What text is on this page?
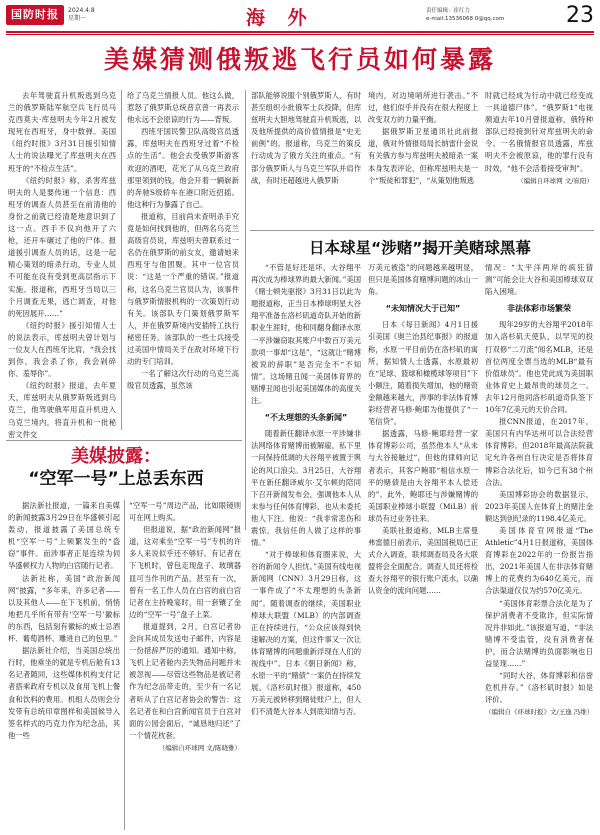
国防时报	2024.4.8
星期一	海 外	责任编辑：崔红力
e-mail:13536068 0@qq.com	23
美媒猜测俄叛逃飞行员如何暴露

去年驾驶直升机叛逃到乌克兰的俄罗斯陆军航空兵飞行员马克西莫夫·库兹明夫今年2月被发现死在西班牙，身中数弹。美国《纽约时报》3月31日援引知情人士的说法曝光了库兹明夫在西班牙的“不检点生活”。

《纽约时报》称，杀害库兹明夫的人是要传递一个信息：西班牙的调查人员甚至在前清他的身份之前就已经清楚地意识到了这一点。西手不仅向他开了六枪，还开车碾过了他的尸体。报道援引调查人员的话，这是一起精心策划的暗杀行动，专业人员不可能在没有受到更高层指示下实施。报道称，西班牙当局以三个月调查无果，逃亡调查，对他的死因展开……”

《纽约时报》援引知情人士的说法表示，库兹明夫曾计划与一位友人在西班牙比肩，“我会找到你，我会杀了你，我会剁碎你、羞辱你”。

《纽约时报》报道，去年夏天，库兹明夫从俄罗斯叛逃到乌克兰，他驾驶俄军用直升机进入乌克兰境内，将直升机和一批秘密文件交

给了乌克兰情报人员。他这么做，惹怒了俄罗斯总统普京曾一再表示他永远不会原谅的行为——背叛。

西班牙国民警卫队高级官员透露，库兹明夫在西班牙过着“不检点的生活”。他会去受俄罗斯游客欢迎的酒吧，花光了从乌克兰政府那里领到的钱，他会开着一辆崭新的奔驰S级轿车在港口附近招摇。他这种行为暴露了自己。

报道称，目前尚未查明杀手究竟是如何找到他的，但两名乌克兰高级官员说，库兹明夫曾联系过一名仍在俄罗斯的前女友，邀请她来西班牙与他团聚。其中一位官员说：“这是一个严重的错误。”报道称，这名乌克兰官员认为，该事件与俄罗斯情报机构的一次策划行动有关。该部队专门策划俄罗斯军人，并在俄罗斯境内安插特工执行秘密任务。该部队的一些士兵接受过美国中情局关于在敌对环境下行动的专门培训。

一名了解这次行动的乌克兰高级官员透露，虽然该

部队能够说服个别俄罗斯人，有时甚至组织小批俄军士兵投降，但库兹明夫大胆地驾驶直升机叛逃，以及他所提供的高价值情报是“史无前例”的。报道称，乌克兰的策反行动成为了俄方关注的重点。“有部分俄罗斯人与乌克兰军队并肩作战，有时还超越进入俄罗斯

境内，对边境哨所进行袭击。”不过，他们似乎并没有在很大程度上改变双方的力量平衡。

据俄罗斯卫星通讯社此前报道，俄对外情报局局长纳雷什金说有关俄方参与库兹明夫被暗杀一案本身发表评论，但称库兹明夫是一个“叛徒和罪犯”，“从策划他叛逃

时就已经成为行动中就已经变成一具道德尸体”。“俄罗斯1”电视频道去年10月曾报道称，俄特种部队已经接到针对库兹明夫的命令。一名俄情报官员透露，库兹明夫不会被原谅，他的罪行没有时效，“他不会活着接受审判”。

（编辑自环球网 文/崔阳）

日本球星“涉赌”揭开美赌球黑幕

“不管是好还是坏，大谷翔平再次成为棒球界的最大新闻。”美国《赌士顿先驱报》3月31日以此为题报道称，正当日本棒球明星大谷翔平准备在洛杉矶道奇队开始的新职业生涯时，他和同翻身翻译水原一平涉嫌窃取其账户中数百万美元款项一事却“这是”，“这就让“赌博被说的辞职”是否完全不“不知情”。这场赌丑闻一美国体育界的赌博丑闻也引起美国媒体的高度关注。

“不太理想的头条新闻”

随着新任翻译水原一平涉嫌非法网络体育赌博而被解雇，私下里一问保持低调的大谷翔平被置于舆论的风口浪尖。3月25日，大谷翔平在新任翻译威尔·艾尔顿的陪同下召开新闻发布会，强调他本人从未参与任何体育博彩，也从未委托他人下注。他说：“我非常悲伤和震惊，我信任的人做了这样的事情。”

“对于棒球和体育圈来说，大谷的新闻令人担忧。”美国有线电视新闻网（CNN）3月29日称，这一事件成了“不太理想的头条新闻”。随着调查的继续，美国职业棒球大联盟（MLB）的内部调查正在持续进行，“公众应该得到快速解决的方案，但这件事又一次让体育赌博的问题重新浮现在人们的视线中”。日本《朝日新闻》称，水原一平的“赌债”一案仍在持续发展。《洛杉矶时报》报道称，450万美元被转移到赌徒账户上，但人们不清楚大谷本人到底知情与否。

万美元被盗”的问题越来越明显，但只是美国体育赌博问题的冰山一角。

“未知情况大于已知”

日本《每日新闻》4月1日援引美国《奥兰治县纪事报》的报道称，水原一平目前仍在洛杉矶的寓所，据知情人士透露，水原最初在“足球、篮球和橄榄球等项目”下小额注，随着损失增加，他的赌资金额越来越大，涉事的非法体育博彩经营者马修·鲍耶为他提供了“一笔信贷”。

据透露，马修·鲍耶经营一家体育博彩公司，虽然他本人“从未与大谷接触过”，但他的律师向记者表示，其客户鲍耶“相信水原一平的赌债是由大谷翔平本人偿还的”。此外，鲍耶还与涉嫌赌博的美国职业棒球小联盟（MiLB）前球员有过业务往来。

美联社报道称，MLB主席曼弗雷德日前表示，美国国税局已正式介入调查，联邦调查局及各大联盟将会全面配合。调查人员还将检查大谷翔平的银行账户流水，以确认资金的流向问题……

情况：“太平洋两岸的疯狂猜测”可能会让大谷和美国棒球双双陷入困境。

非法体彩市场繁荣

现年29岁的大谷翔平2018年加入洛杉矶天使队，以罕见的投打双修“二刀流”闻名MLB，还是首位两度全票当选的MLB“最有价值球员”。他也凭此成为美国职业体育史上最昂贵的球员之一。去年12月他同洛杉矶道奇队签下10年7亿美元的天价合同。

报CNN报道，在2017年，美国只有内华达州可以合法经营体育博彩。但2018年最高法院裁定允许各州自行决定是否将体育博彩合法化后，如今已有38个州合法。

美国博彩协会的数据显示，2023年美国人在体育上的赌注金额达到创纪录的1198.4亿美元。

美国体育官网报道“The Athletic”4月1日报道称，美国体育博彩在2022年的一份报告指出，2021年美国人在非法体育赌博上的花费约为640亿美元，而合法渠道仅仅为约570亿美元。

“美国体育彩票合法化是为了保护消费者不受欺诈，但实际情况并非如此。”该报道写道，“非法赌博不受监管，没有消费者保护，而合法赌博的负面影响也日益显现……”

“同时大谷，体育博彩和信誉危机并存。”《洛杉矶时报》如是评价。

（编辑自《环球时报》文/王逸 冯维）

美媒披露：
“空军一号”上总丢东西

据法新社报道，一篇来自美媒的新闻披露3月29日在华盛顿引起轰动，报道披露了美国总统专机“空军一号”上频繁发生的“盗窃”事件。而涉事者正是连续为伺华盛顿权力人物的白宫随行记者。

法新社称，美国“政治新闻网”披露，“多年来，许多记者——以及其他人——在下飞机前，悄悄地把几乎所有带有‘空军一号’徽标的东西，包括刻有徽标的威士忌酒杯、葡萄酒杯、雕进自己的包里。”

据法新社介绍，当美国总统出行时，他乘坐的就是专机后舱有13名记者随同，这些媒体机构支付记者搭乘政府专机以及食用飞机上餐食和饮料的费用。机组人员则会分发带有总统印章图样和美国候导入签名样式的巧克力作为纪念品，其他一些

“空军一号”周边产品，比如眼镜则可在网上购买。

但报道说，据“政治新闻网”报道，这对乘坐“空军一号”专机的许多人来说似乎还不够好。有记者在下飞机时，曾包走现盘子、玻璃器皿可当作刊的产品，甚至有一次，曾有一名工作人员在白宫的前白宫记者在主持晚宴时，用一套镶了金边的“空军一号”盘子上菜。

报道提到，2月，白宫记者协会向其成员发送电子邮件，内容是一份措辞严厉的通知。通知中称，飞机上记者舱内丢失物品问题并未被忽视——尽管这些物品是被记者作为纪念品带走的，至少有一名记者听从了白宫记者协会的警告：这名记者在和白宫新闻官员于白宫对面的公园会面后，“诚恳地归还”了一个情花枕套。

（编辑自环球网 文/陈晓雅）
